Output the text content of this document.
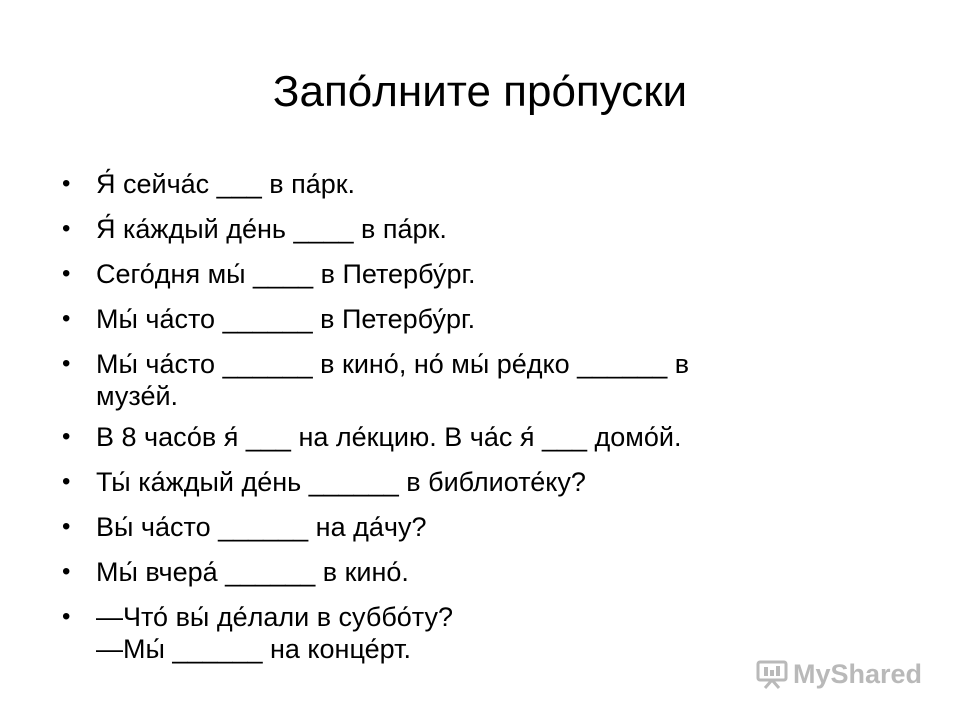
Запо́лните про́пуски
• Я́ сейча́с ___ в па́рк.
• Я́ ка́ждый де́нь ____ в па́рк.
• Сего́дня мы́ ____ в Петербу́рг.
• Мы́ ча́сто ______ в Петербу́рг.
• Мы́ ча́сто ______ в кино́, но́ мы́ ре́дко ______ в
музе́й.
• В 8 часо́в я́ ___ на ле́кцию. В ча́с я́ ___ домо́й.
• Ты́ ка́ждый де́нь ______ в библиоте́ку?
• Вы́ ча́сто ______ на да́чу?
• Мы́ вчера́ ______ в кино́.
• —Что́ вы́ де́лали в суббо́ту?
—Мы́ ______ на конце́рт.
MyShared
